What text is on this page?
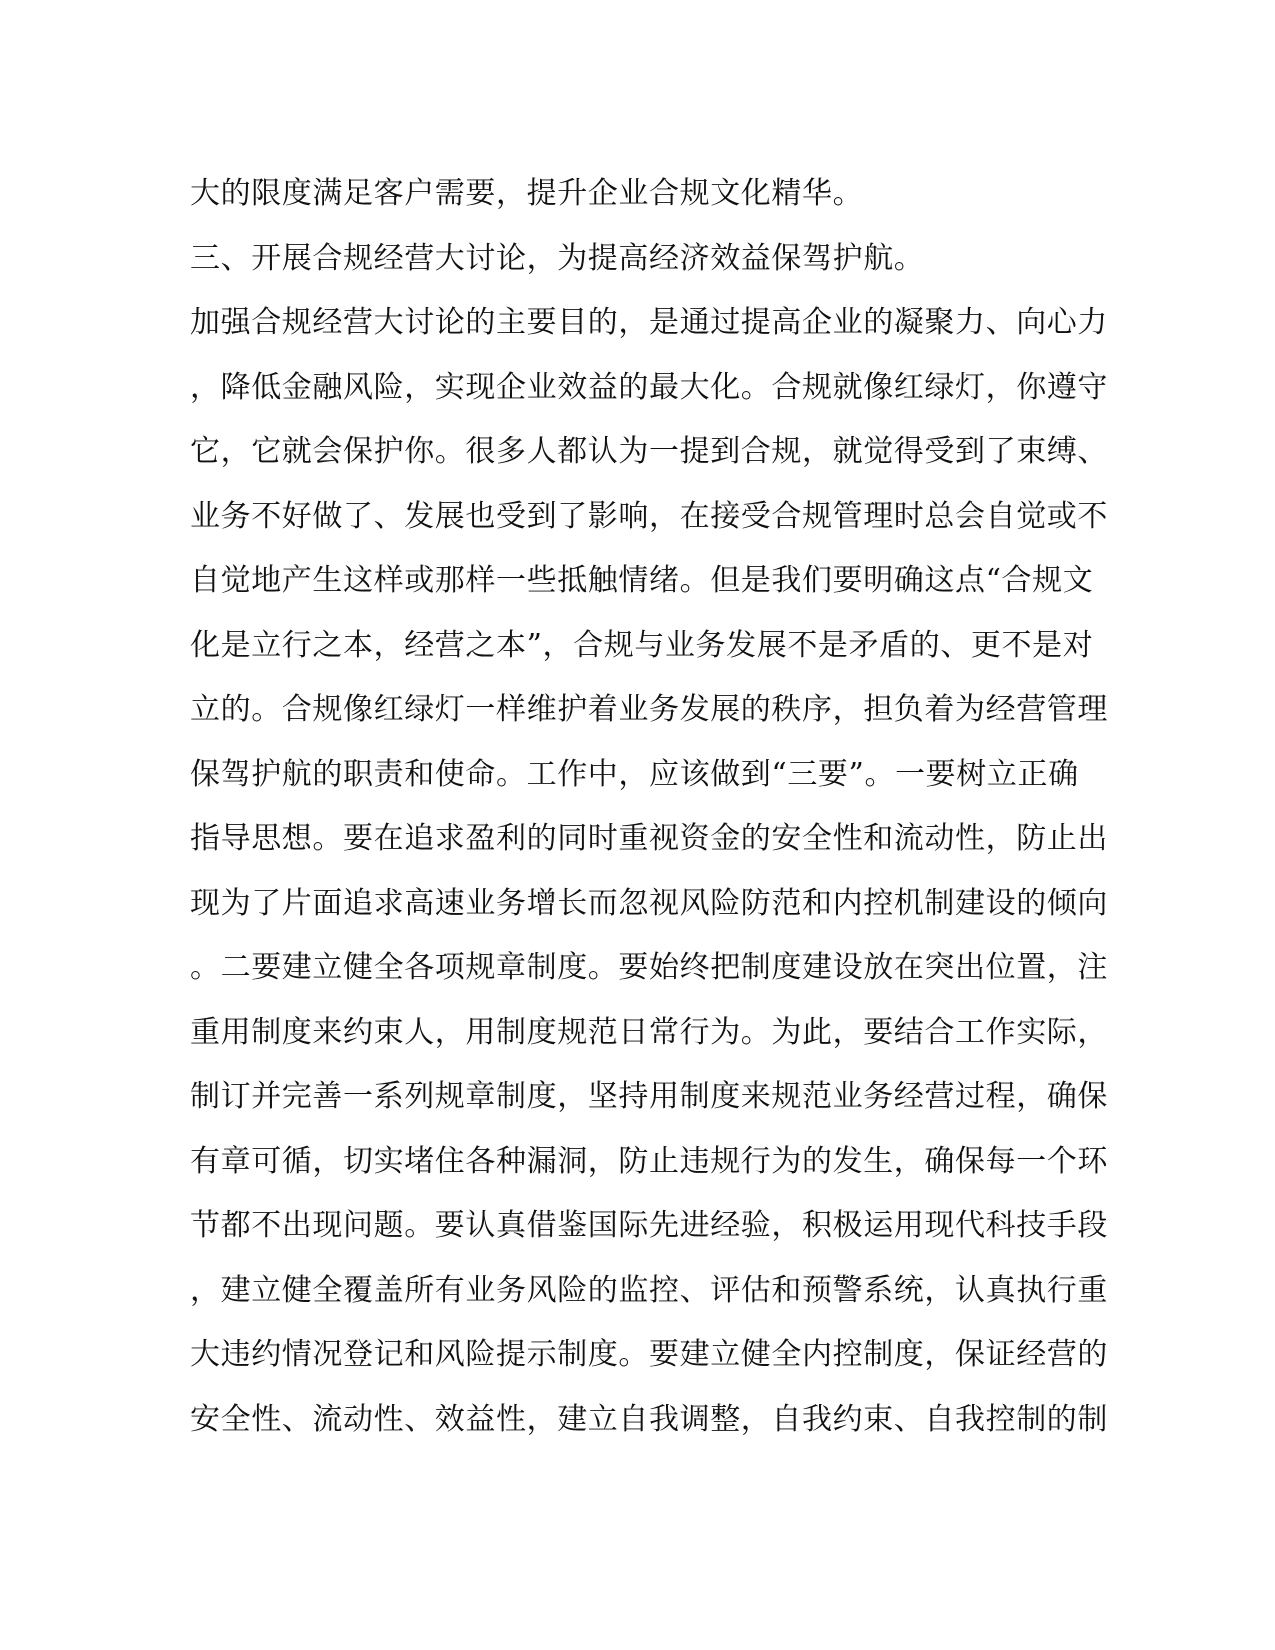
大的限度满足客户需要，提升企业合规文化精华。
三、开展合规经营大讨论，为提高经济效益保驾护航。
加强合规经营大讨论的主要目的，是通过提高企业的凝聚力、向心力
，降低金融风险，实现企业效益的最大化。合规就像红绿灯，你遵守
它，它就会保护你。很多人都认为一提到合规，就觉得受到了束缚、
业务不好做了、发展也受到了影响，在接受合规管理时总会自觉或不
自觉地产生这样或那样一些抵触情绪。但是我们要明确这点“合规文
化是立行之本，经营之本”，合规与业务发展不是矛盾的、更不是对
立的。合规像红绿灯一样维护着业务发展的秩序，担负着为经营管理
保驾护航的职责和使命。工作中，应该做到“三要”。一要树立正确
指导思想。要在追求盈利的同时重视资金的安全性和流动性，防止出
现为了片面追求高速业务增长而忽视风险防范和内控机制建设的倾向
。二要建立健全各项规章制度。要始终把制度建设放在突出位置，注
重用制度来约束人，用制度规范日常行为。为此，要结合工作实际，
制订并完善一系列规章制度，坚持用制度来规范业务经营过程，确保
有章可循，切实堵住各种漏洞，防止违规行为的发生，确保每一个环
节都不出现问题。要认真借鉴国际先进经验，积极运用现代科技手段
，建立健全覆盖所有业务风险的监控、评估和预警系统，认真执行重
大违约情况登记和风险提示制度。要建立健全内控制度，保证经营的
安全性、流动性、效益性，建立自我调整，自我约束、自我控制的制
